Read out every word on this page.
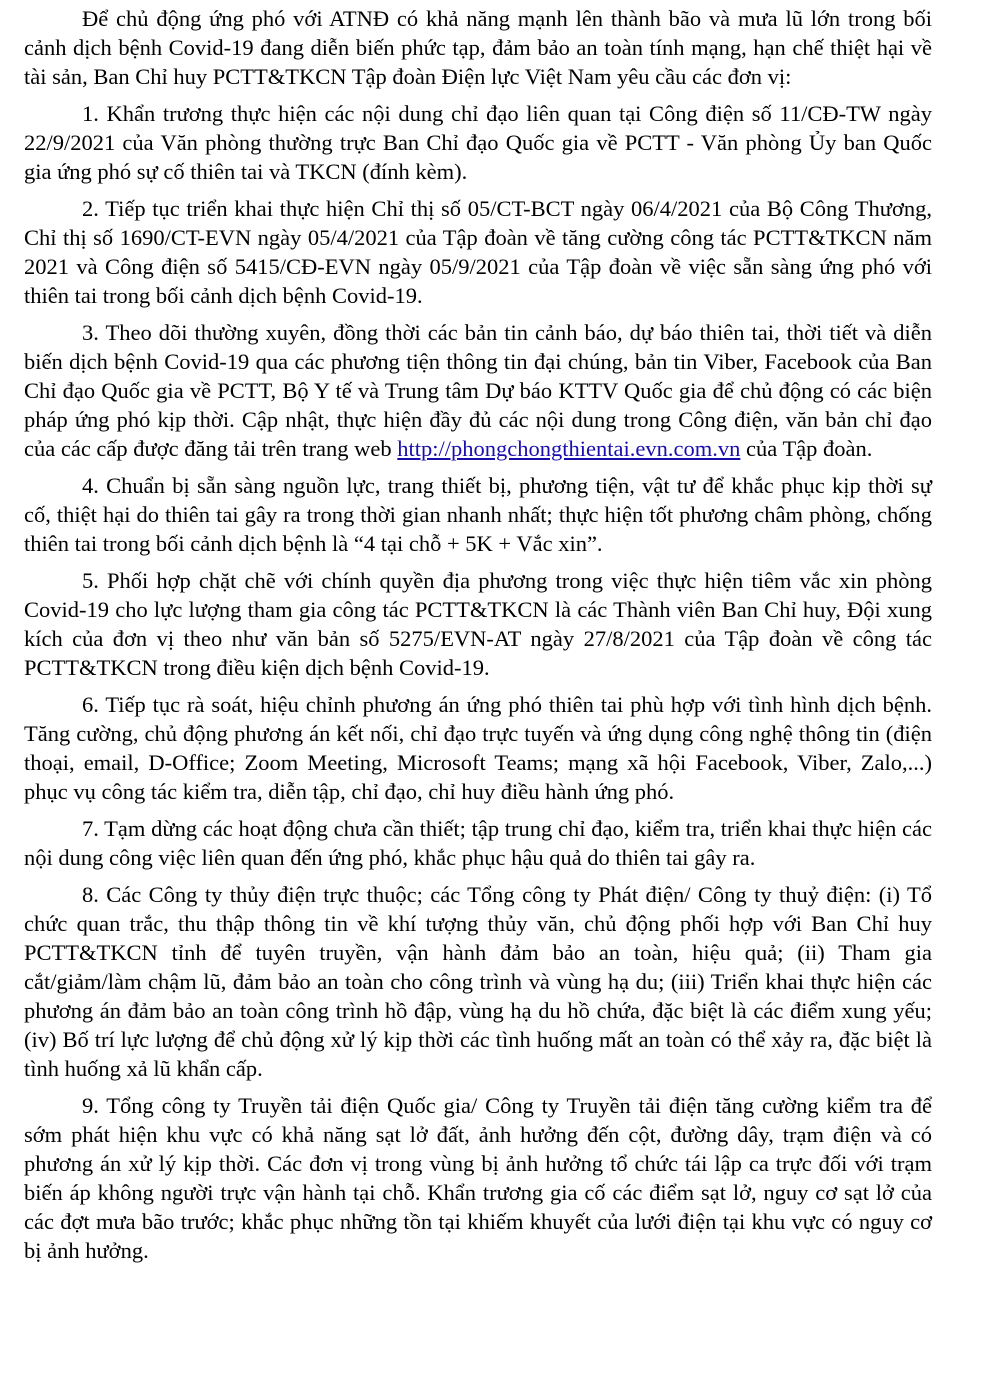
Để chủ động ứng phó với ATNĐ có khả năng mạnh lên thành bão và mưa lũ lớn trong bối cảnh dịch bệnh Covid-19 đang diễn biến phức tạp, đảm bảo an toàn tính mạng, hạn chế thiệt hại về tài sản, Ban Chỉ huy PCTT&TKCN Tập đoàn Điện lực Việt Nam yêu cầu các đơn vị:

1. Khẩn trương thực hiện các nội dung chỉ đạo liên quan tại Công điện số 11/CĐ-TW ngày 22/9/2021 của Văn phòng thường trực Ban Chỉ đạo Quốc gia về PCTT - Văn phòng Ủy ban Quốc gia ứng phó sự cố thiên tai và TKCN (đính kèm).

2. Tiếp tục triển khai thực hiện Chỉ thị số 05/CT-BCT ngày 06/4/2021 của Bộ Công Thương, Chỉ thị số 1690/CT-EVN ngày 05/4/2021 của Tập đoàn về tăng cường công tác PCTT&TKCN năm 2021 và Công điện số 5415/CĐ-EVN ngày 05/9/2021 của Tập đoàn về việc sẵn sàng ứng phó với thiên tai trong bối cảnh dịch bệnh Covid-19.

3. Theo dõi thường xuyên, đồng thời các bản tin cảnh báo, dự báo thiên tai, thời tiết và diễn biến dịch bệnh Covid-19 qua các phương tiện thông tin đại chúng, bản tin Viber, Facebook của Ban Chỉ đạo Quốc gia về PCTT, Bộ Y tế và Trung tâm Dự báo KTTV Quốc gia để chủ động có các biện pháp ứng phó kịp thời. Cập nhật, thực hiện đầy đủ các nội dung trong Công điện, văn bản chỉ đạo của các cấp được đăng tải trên trang web http://phongchongthientai.evn.com.vn của Tập đoàn.

4. Chuẩn bị sẵn sàng nguồn lực, trang thiết bị, phương tiện, vật tư để khắc phục kịp thời sự cố, thiệt hại do thiên tai gây ra trong thời gian nhanh nhất; thực hiện tốt phương châm phòng, chống thiên tai trong bối cảnh dịch bệnh là “4 tại chỗ + 5K + Vắc xin”.

5. Phối hợp chặt chẽ với chính quyền địa phương trong việc thực hiện tiêm vắc xin phòng Covid-19 cho lực lượng tham gia công tác PCTT&TKCN là các Thành viên Ban Chỉ huy, Đội xung kích của đơn vị theo như văn bản số 5275/EVN-AT ngày 27/8/2021 của Tập đoàn về công tác PCTT&TKCN trong điều kiện dịch bệnh Covid-19.

6. Tiếp tục rà soát, hiệu chỉnh phương án ứng phó thiên tai phù hợp với tình hình dịch bệnh. Tăng cường, chủ động phương án kết nối, chỉ đạo trực tuyến và ứng dụng công nghệ thông tin (điện thoại, email, D-Office; Zoom Meeting, Microsoft Teams; mạng xã hội Facebook, Viber, Zalo,...) phục vụ công tác kiểm tra, diễn tập, chỉ đạo, chỉ huy điều hành ứng phó.

7. Tạm dừng các hoạt động chưa cần thiết; tập trung chỉ đạo, kiểm tra, triển khai thực hiện các nội dung công việc liên quan đến ứng phó, khắc phục hậu quả do thiên tai gây ra.

8. Các Công ty thủy điện trực thuộc; các Tổng công ty Phát điện/ Công ty thuỷ điện: (i) Tổ chức quan trắc, thu thập thông tin về khí tượng thủy văn, chủ động phối hợp với Ban Chỉ huy PCTT&TKCN tỉnh để tuyên truyền, vận hành đảm bảo an toàn, hiệu quả; (ii) Tham gia cắt/giảm/làm chậm lũ, đảm bảo an toàn cho công trình và vùng hạ du; (iii) Triển khai thực hiện các phương án đảm bảo an toàn công trình hồ đập, vùng hạ du hồ chứa, đặc biệt là các điểm xung yếu; (iv) Bố trí lực lượng để chủ động xử lý kịp thời các tình huống mất an toàn có thể xảy ra, đặc biệt là tình huống xả lũ khẩn cấp.

9. Tổng công ty Truyền tải điện Quốc gia/ Công ty Truyền tải điện tăng cường kiểm tra để sớm phát hiện khu vực có khả năng sạt lở đất, ảnh hưởng đến cột, đường dây, trạm điện và có phương án xử lý kịp thời. Các đơn vị trong vùng bị ảnh hưởng tổ chức tái lập ca trực đối với trạm biến áp không người trực vận hành tại chỗ. Khẩn trương gia cố các điểm sạt lở, nguy cơ sạt lở của các đợt mưa bão trước; khắc phục những tồn tại khiếm khuyết của lưới điện tại khu vực có nguy cơ bị ảnh hưởng.
